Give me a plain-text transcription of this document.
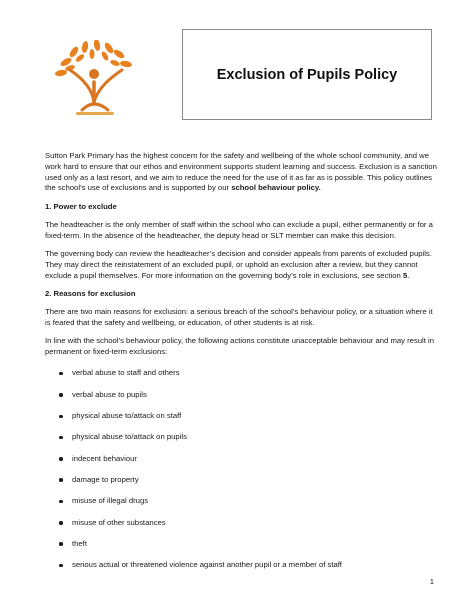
Exclusion of Pupils Policy

Sutton Park Primary has the highest concern for the safety and wellbeing of the whole school community, and we work hard to ensure that our ethos and environment supports student learning and success. Exclusion is a sanction used only as a last resort, and we aim to reduce the need for the use of it as far as is possible. This policy outlines the school’s use of exclusions and is supported by our school behaviour policy.

1. Power to exclude

The headteacher is the only member of staff within the school who can exclude a pupil, either permanently or for a fixed-term. In the absence of the headteacher, the deputy head or SLT member can make this decision.

The governing body can review the headteacher’s decision and consider appeals from parents of excluded pupils. They may direct the reinstatement of an excluded pupil, or uphold an exclusion after a review, but they cannot exclude a pupil themselves. For more information on the governing body’s role in exclusions, see section 5.

2. Reasons for exclusion

There are two main reasons for exclusion: a serious breach of the school’s behaviour policy, or a situation where it is feared that the safety and wellbeing, or education, of other students is at risk.

In line with the school’s behaviour policy, the following actions constitute unacceptable behaviour and may result in permanent or fixed-term exclusions:

verbal abuse to staff and others
verbal abuse to pupils
physical abuse to/attack on staff
physical abuse to/attack on pupils
indecent behaviour
damage to property
misuse of illegal drugs
misuse of other substances
theft
serious actual or threatened violence against another pupil or a member of staff
1
